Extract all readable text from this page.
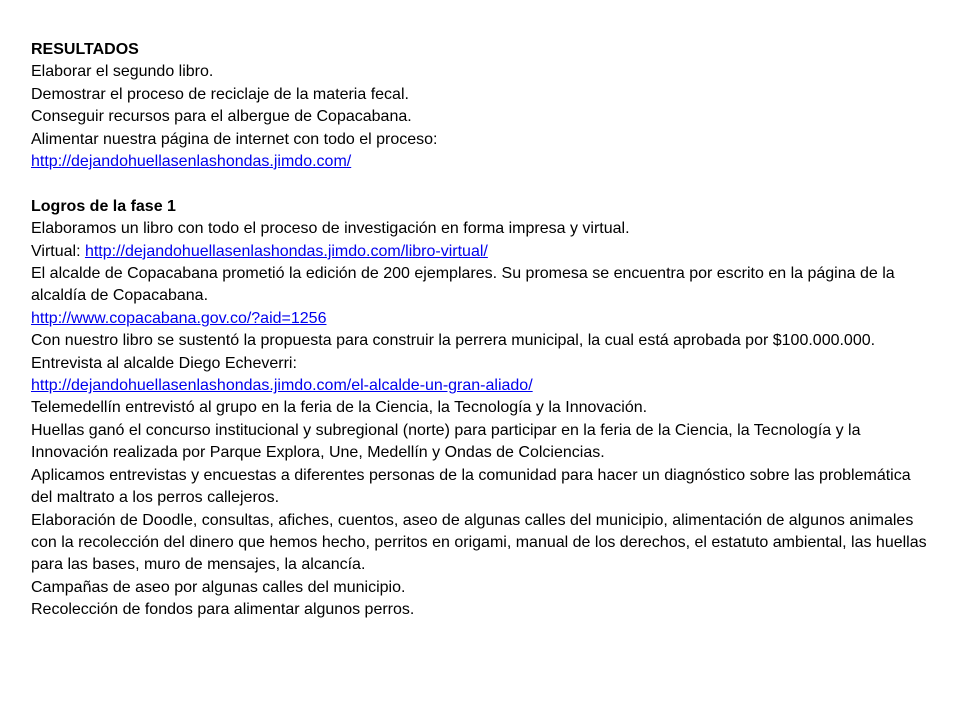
RESULTADOS
Elaborar el segundo libro.
Demostrar el proceso de reciclaje de la materia fecal.
Conseguir recursos para el albergue de Copacabana.
Alimentar nuestra página de internet con todo el proceso:
http://dejandohuellasenlashondas.jimdo.com/
Logros de la fase 1
Elaboramos un libro con todo el proceso de investigación en forma impresa y virtual.
Virtual: http://dejandohuellasenlashondas.jimdo.com/libro-virtual/
El alcalde de Copacabana prometió la edición de 200 ejemplares. Su promesa se encuentra por escrito en la página de la alcaldía de Copacabana.
http://www.copacabana.gov.co/?aid=1256
Con nuestro libro se sustentó la propuesta para construir la perrera municipal, la cual está aprobada por $100.000.000.
Entrevista al alcalde Diego Echeverri:
http://dejandohuellasenlashondas.jimdo.com/el-alcalde-un-gran-aliado/
Telemedellín entrevistó al grupo en la feria de la Ciencia, la Tecnología y la Innovación.
Huellas ganó el concurso institucional y subregional (norte) para participar en la feria de la Ciencia, la Tecnología y la Innovación realizada por Parque Explora, Une, Medellín y Ondas de Colciencias.
Aplicamos entrevistas y encuestas a diferentes personas de la comunidad para hacer un diagnóstico sobre las problemática del maltrato a los perros callejeros.
Elaboración de Doodle, consultas, afiches, cuentos, aseo de algunas calles del municipio, alimentación de algunos animales con la recolección del dinero que hemos hecho, perritos en origami, manual de los derechos, el estatuto ambiental, las huellas para las bases, muro de mensajes, la alcancía.
Campañas de aseo por algunas calles del municipio.
Recolección de fondos para alimentar algunos perros.
